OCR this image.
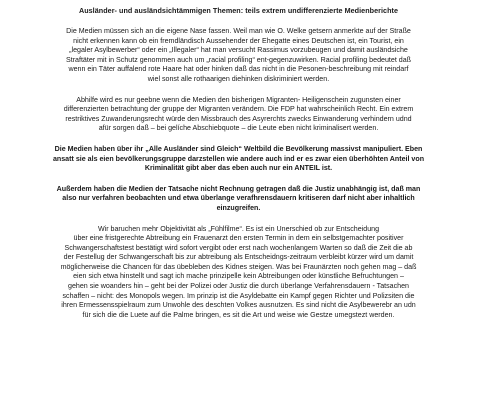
Ausländer- und ausländsichtämmigen Themen: teils extrem undifferenzierte Medienberichte
Die Medien müssen sich an die eigene Nase fassen. Weil man wie O. Welke getsern anmerkte auf der Straße
nicht erkennen kann ob ein fremdländisch Aussehender der Ehegatte eines Deutschen ist, ein Tourist, ein
„legaler Asylbewerber“ oder ein „Illegaler“ hat man versucht Rassimus vorzubeugen und damit ausländsiche
Straftäter mit in Schutz genommen auch um „racial profiling“ ent-gegenzuwirken. Racial profiling bedeutet daß
wenn ein Täter auffalend rote Haare hat oder hinken daß das nicht in die Pesonen-beschreibung mit reindarf
wiel sonst alle rothaarigen diehinken diskriminiert werden.
Abhilfe wird es nur geebne wenn die Medien den bisherigen Migranten- Heiligenschein zugunsten einer
differenzierten betrachtung der gruppe der Migranten verändern. Die FDP hat wahrscheinlich Recht. Ein extrem
restriktives Zuwanderungsrecht würde den Missbrauch des Asyrerchts zwecks Einwanderung verhindern udnd
afür sorgen daß – bei gelíche Abschiebquote – die Leute eben nicht kriminalisert werden.
Die Medien haben über ihr „Alle Ausländer sind Gleich“ Weltbild die Bevölkerung massivst manipuliert. Eben
ansatt sie als eien bevölkerungsgruppe darzstellen wie andere auch ind er es zwar eien überhöhten Anteil von
Kriminalität gibt aber das eben auch nur ein ANTEIL ist.
Außerdem haben die Medien der Tatsache nicht Rechnung getragen daß die Justiz unabhängig ist, daß man
also nur verfahren beobachten und etwa überlange verafhrensdauern kritiseren darf nicht aber inhaltlich
einzugreifen.
Wir baruchen mehr Objektivität als „Fühlfilme“. Es ist ein Unerschied ob zur Entscheidung
über eine fristgerechte Abtreibung ein Frauenarzt den ersten Termin in dem ein selbstgemachter positiver
Schwangerschaftstest bestätigt wird sofort vergibt oder erst nach wochenlangem Warten so daß die Zeit die ab
der Festellug der Schwangerschaft bis zur abtreibung als Entscheidngs-zeitraum verbleibt kürzer wird um damit
möglicherweise die Chancen für das übebleben des Kidnes steigen. Was bei Fraunärzten noch gehen mag – daß
eien sich etwa hinstellt und sagt ich mache prinzipelle kein Abtreibungen oder künstliche Befruchtungen –
gehen sie woanders hin – geht bei der Polizei oder Justiz die durch überlange Verfahrensdauern - Tatsachen
schaffen – nicht: des Monopols wegen. Im prinzip ist die Asyldebatte ein Kampf gegen Richter und Polizsiten die
ihren Ermessensspielraum zum Unwohle des deschten Volkes ausnutzen. Es sind nicht die Asylbewerebr an udn
für sich die die Luete auf die Palme bringen, es sit die Art und weise wie Gestze umegstezt werden.
